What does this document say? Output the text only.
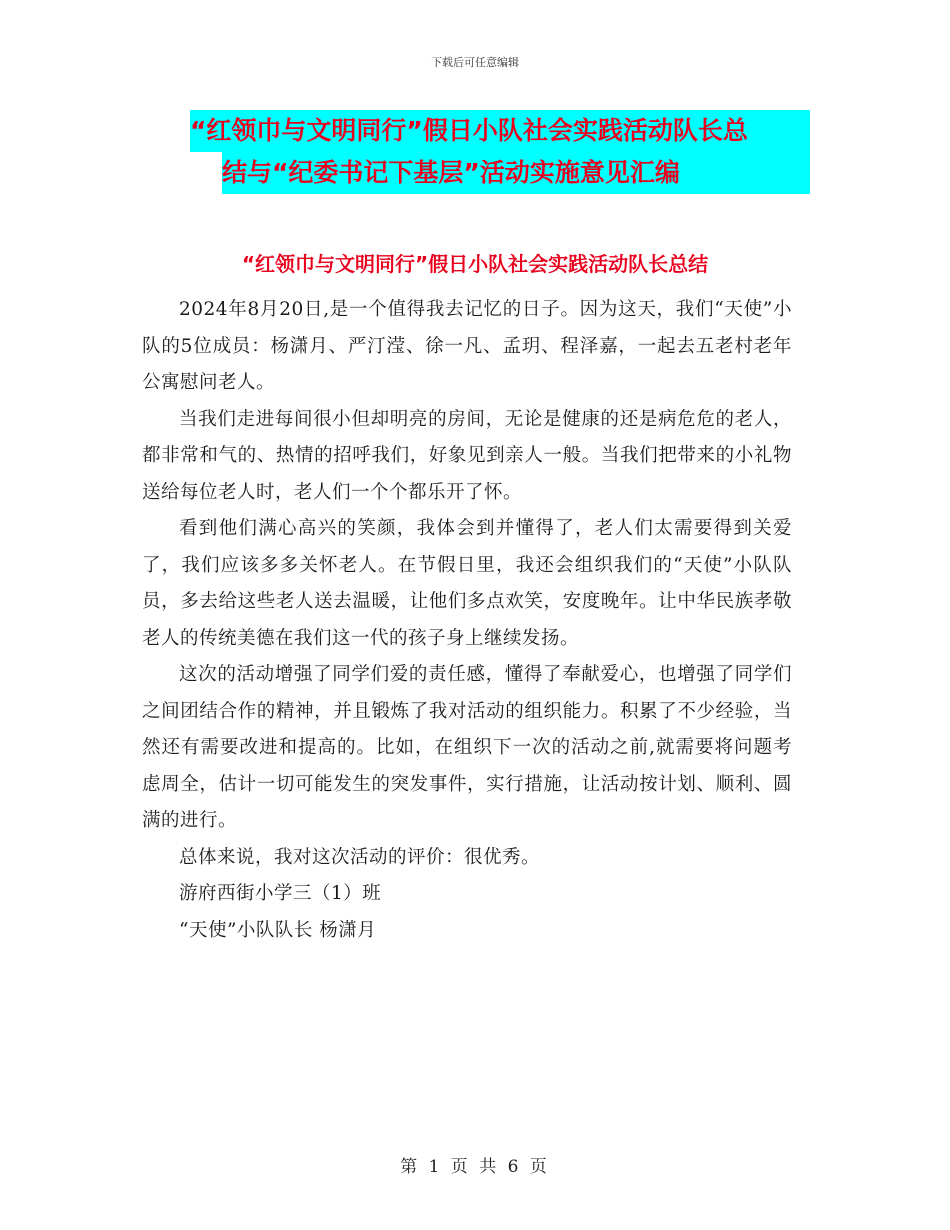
下载后可任意编辑
“红领巾与文明同行”假日小队社会实践活动队长总
结与“纪委书记下基层”活动实施意见汇编
“红领巾与文明同行”假日小队社会实践活动队长总结

2024年8月20日,是一个值得我去记忆的日子。因为这天，我们“天使”小队的5位成员：杨潇月、严汀滢、徐一凡、孟玥、程泽嘉，一起去五老村老年公寓慰问老人。

当我们走进每间很小但却明亮的房间，无论是健康的还是病危危的老人，都非常和气的、热情的招呼我们，好象见到亲人一般。当我们把带来的小礼物送给每位老人时，老人们一个个都乐开了怀。

看到他们满心高兴的笑颜，我体会到并懂得了，老人们太需要得到关爱了，我们应该多多关怀老人。在节假日里，我还会组织我们的“天使”小队队员，多去给这些老人送去温暖，让他们多点欢笑，安度晚年。让中华民族孝敬老人的传统美德在我们这一代的孩子身上继续发扬。

这次的活动增强了同学们爱的责任感，懂得了奉献爱心，也增强了同学们之间团结合作的精神，并且锻炼了我对活动的组织能力。积累了不少经验，当然还有需要改进和提高的。比如，在组织下一次的活动之前,就需要将问题考虑周全，估计一切可能发生的突发事件，实行措施，让活动按计划、顺利、圆满的进行。

总体来说，我对这次活动的评价：很优秀。

游府西街小学三（1）班

“天使”小队队长 杨潇月

第 1 页 共 6 页
